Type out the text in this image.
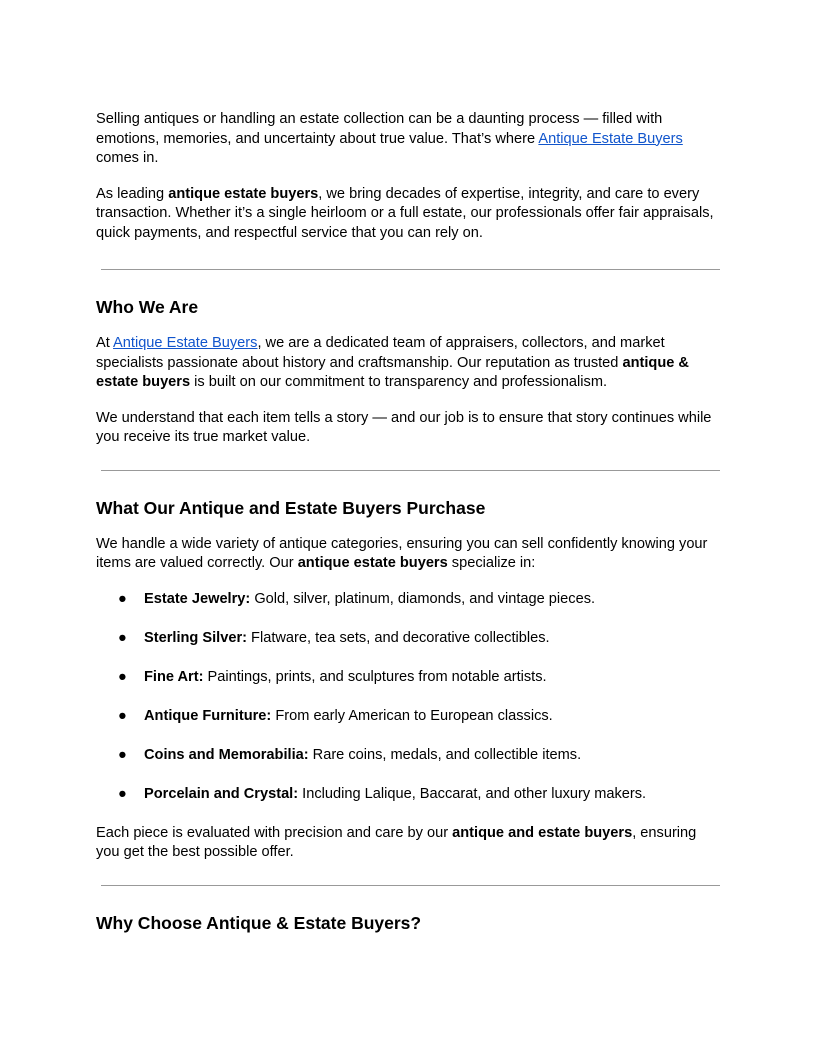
Selling antiques or handling an estate collection can be a daunting process — filled with emotions, memories, and uncertainty about true value. That’s where Antique Estate Buyers
comes in.

As leading antique estate buyers, we bring decades of expertise, integrity, and care to every transaction. Whether it’s a single heirloom or a full estate, our professionals offer fair appraisals, quick payments, and respectful service that you can rely on.

Who We Are

At Antique Estate Buyers, we are a dedicated team of appraisers, collectors, and market specialists passionate about history and craftsmanship. Our reputation as trusted antique & estate buyers is built on our commitment to transparency and professionalism.

We understand that each item tells a story — and our job is to ensure that story continues while you receive its true market value.

What Our Antique and Estate Buyers Purchase

We handle a wide variety of antique categories, ensuring you can sell confidently knowing your items are valued correctly. Our antique estate buyers specialize in:

● Estate Jewelry: Gold, silver, platinum, diamonds, and vintage pieces.
● Sterling Silver: Flatware, tea sets, and decorative collectibles.
● Fine Art: Paintings, prints, and sculptures from notable artists.
● Antique Furniture: From early American to European classics.
● Coins and Memorabilia: Rare coins, medals, and collectible items.
● Porcelain and Crystal: Including Lalique, Baccarat, and other luxury makers.

Each piece is evaluated with precision and care by our antique and estate buyers, ensuring you get the best possible offer.

Why Choose Antique & Estate Buyers?
